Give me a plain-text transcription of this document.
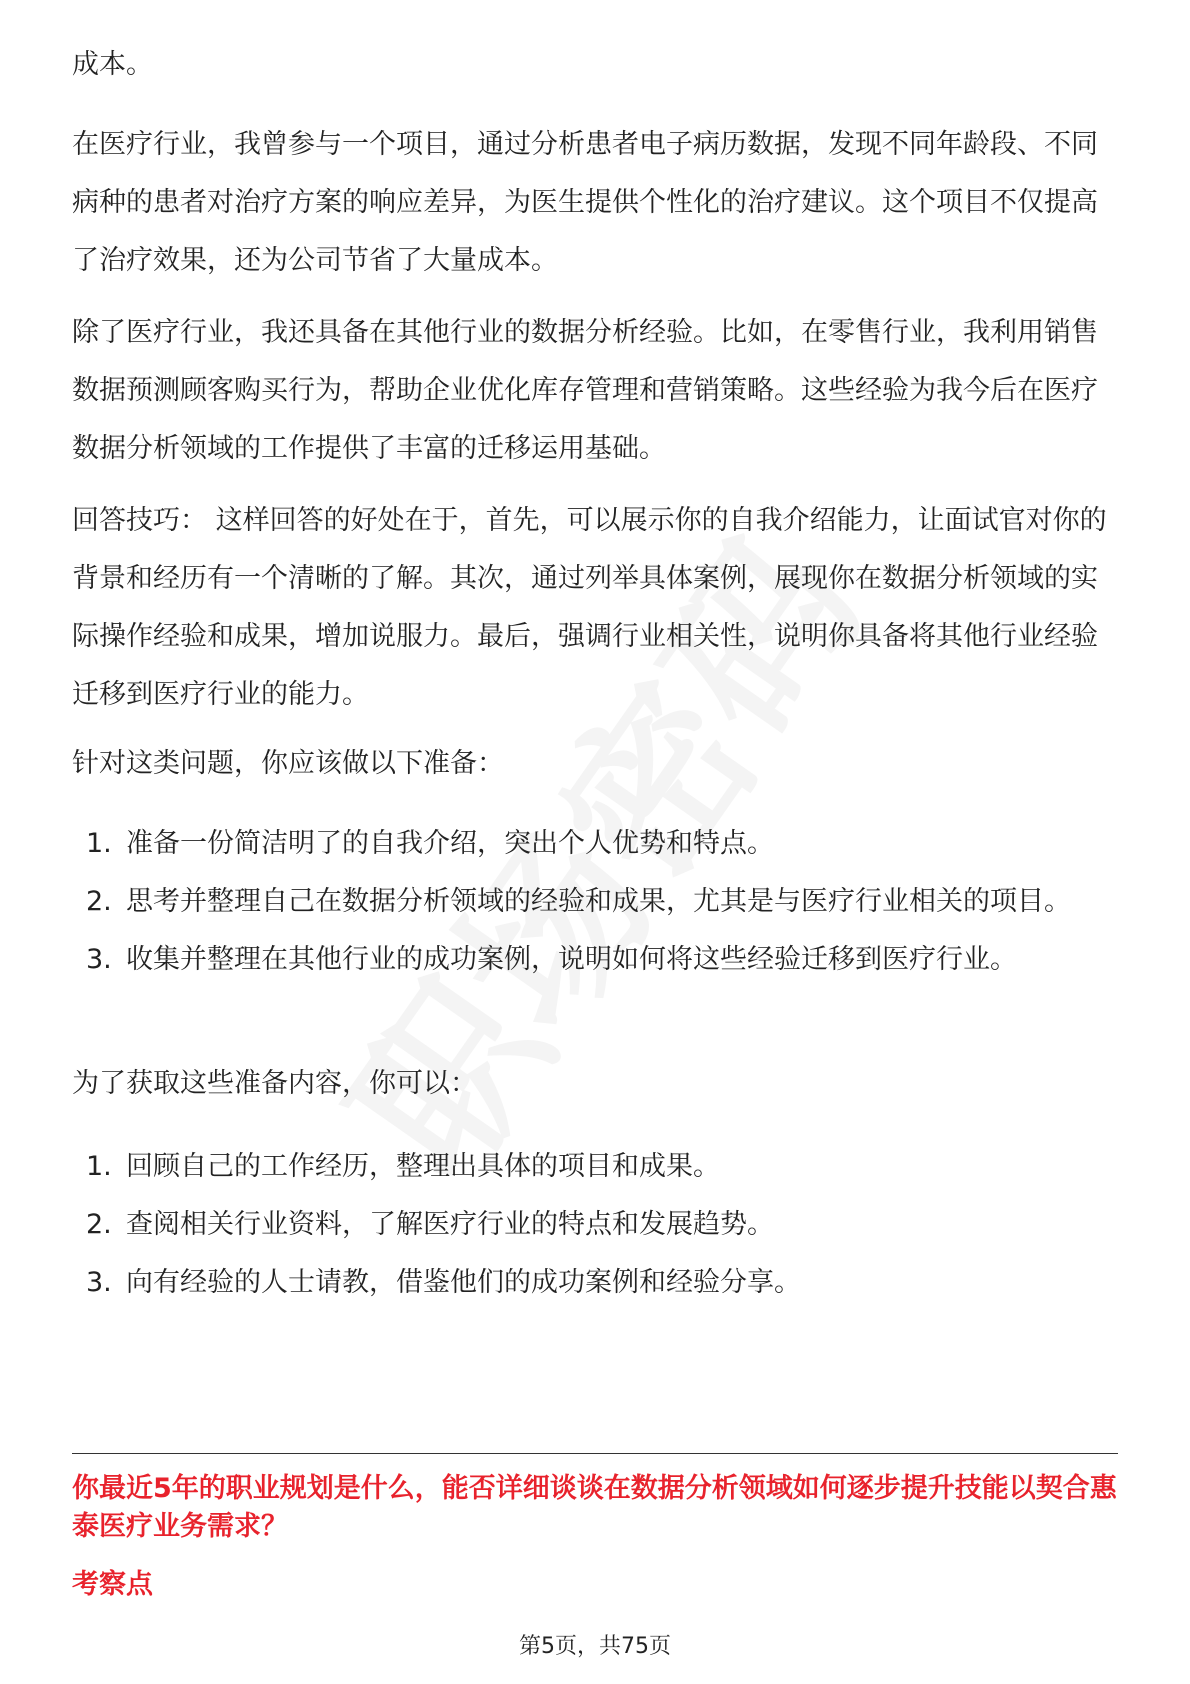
成本。

在医疗行业，我曾参与一个项目，通过分析患者电子病历数据，发现不同年龄段、不同病种的患者对治疗方案的响应差异，为医生提供个性化的治疗建议。这个项目不仅提高了治疗效果，还为公司节省了大量成本。

除了医疗行业，我还具备在其他行业的数据分析经验。比如，在零售行业，我利用销售数据预测顾客购买行为，帮助企业优化库存管理和营销策略。这些经验为我今后在医疗数据分析领域的工作提供了丰富的迁移运用基础。

回答技巧： 这样回答的好处在于，首先，可以展示你的自我介绍能力，让面试官对你的背景和经历有一个清晰的了解。其次，通过列举具体案例，展现你在数据分析领域的实际操作经验和成果，增加说服力。最后，强调行业相关性，说明你具备将其他行业经验迁移到医疗行业的能力。

针对这类问题，你应该做以下准备：

1. 准备一份简洁明了的自我介绍，突出个人优势和特点。
2. 思考并整理自己在数据分析领域的经验和成果，尤其是与医疗行业相关的项目。
3. 收集并整理在其他行业的成功案例，说明如何将这些经验迁移到医疗行业。

为了获取这些准备内容，你可以：

1. 回顾自己的工作经历，整理出具体的项目和成果。
2. 查阅相关行业资料，了解医疗行业的特点和发展趋势。
3. 向有经验的人士请教，借鉴他们的成功案例和经验分享。

你最近5年的职业规划是什么，能否详细谈谈在数据分析领域如何逐步提升技能以契合惠泰医疗业务需求？

考察点

第5页，共75页
